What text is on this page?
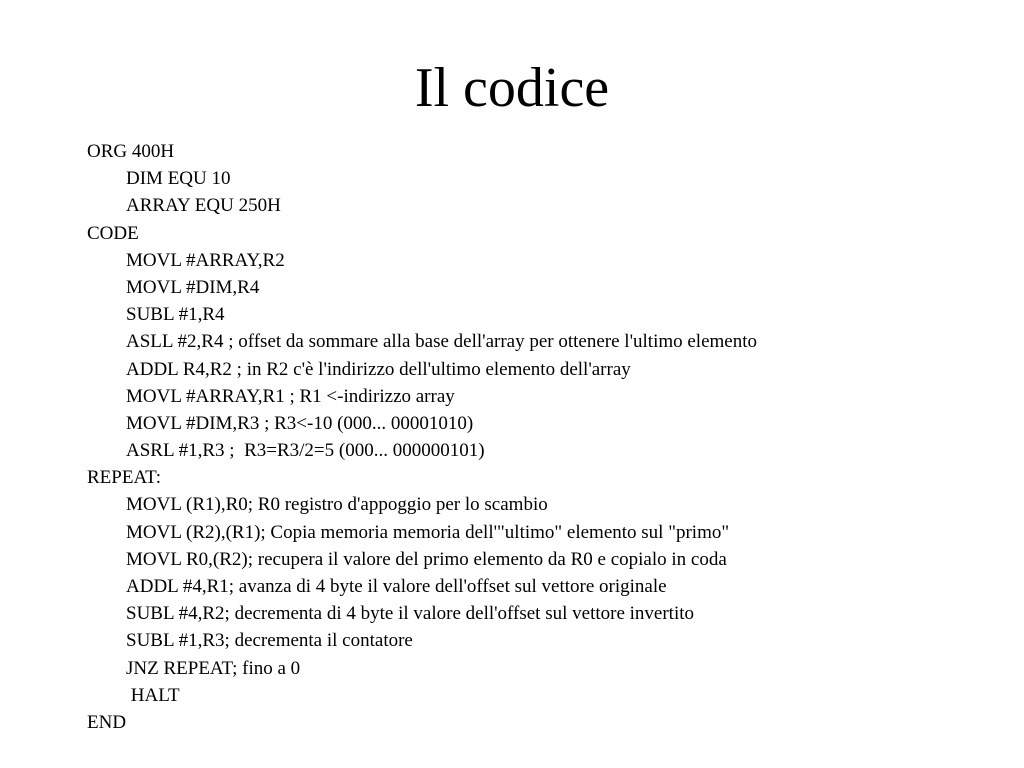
Il codice
ORG 400H
DIM EQU 10
ARRAY EQU 250H
CODE
MOVL #ARRAY,R2
MOVL #DIM,R4
SUBL #1,R4
ASLL #2,R4 ; offset da sommare alla base dell'array per ottenere l'ultimo elemento
ADDL R4,R2 ; in R2 c'è l'indirizzo dell'ultimo elemento dell'array
MOVL #ARRAY,R1 ; R1 <-indirizzo array
MOVL #DIM,R3 ; R3<-10 (000... 00001010)
ASRL #1,R3 ;  R3=R3/2=5 (000... 000000101)
REPEAT:
MOVL (R1),R0; R0 registro d'appoggio per lo scambio
MOVL (R2),(R1); Copia memoria memoria dell'"ultimo" elemento sul "primo"
MOVL R0,(R2); recupera il valore del primo elemento da R0 e copialo in coda
ADDL #4,R1; avanza di 4 byte il valore dell'offset sul vettore originale
SUBL #4,R2; decrementa di 4 byte il valore dell'offset sul vettore invertito
SUBL #1,R3; decrementa il contatore
JNZ REPEAT; fino a 0
HALT
END
